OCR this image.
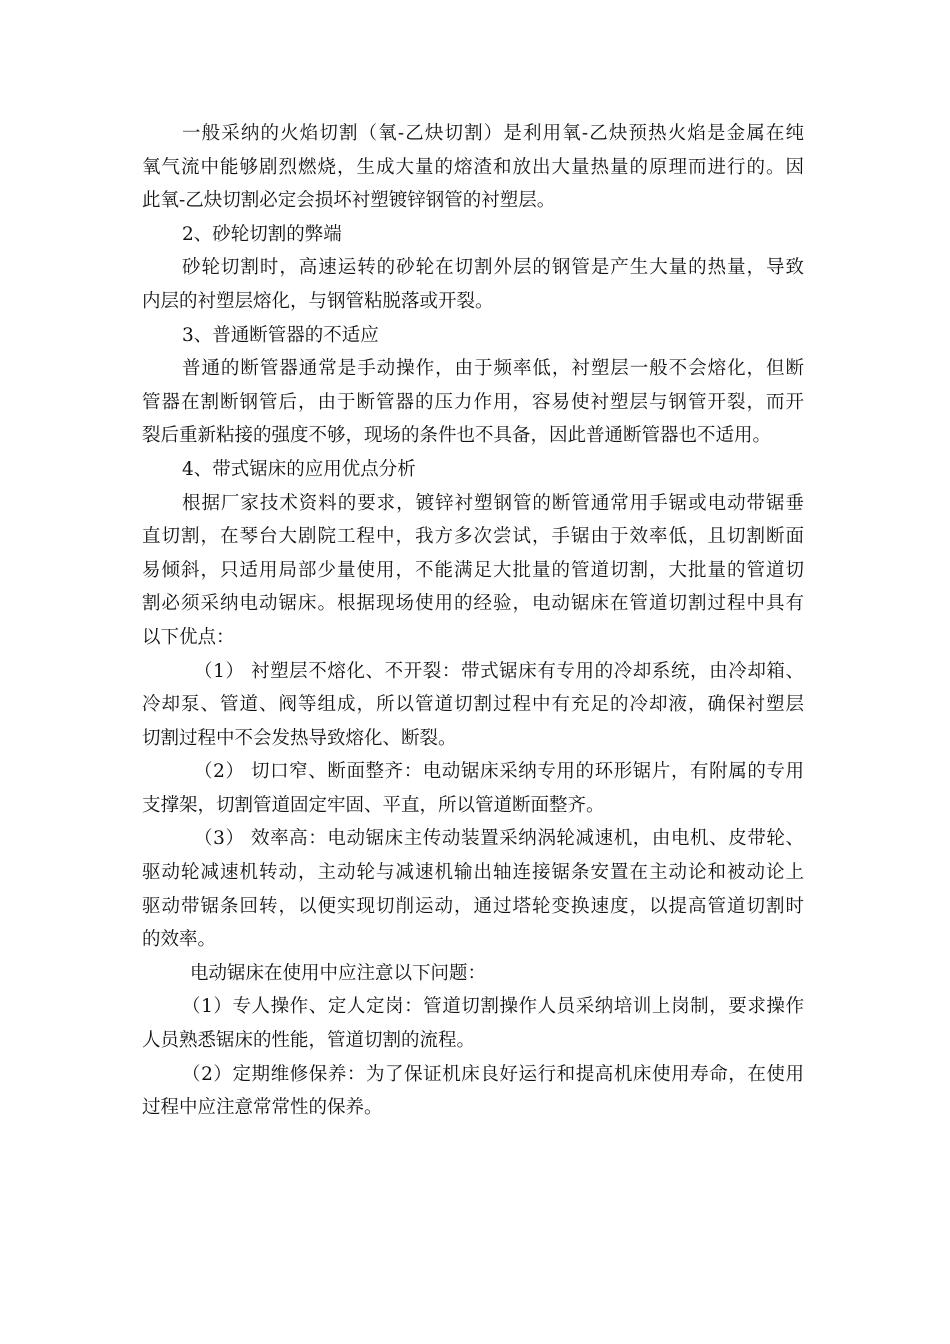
一般采纳的火焰切割（氧-乙炔切割）是利用氧-乙炔预热火焰是金属在纯
氧气流中能够剧烈燃烧，生成大量的熔渣和放出大量热量的原理而进行的。因
此氧-乙炔切割必定会损坏衬塑镀锌钢管的衬塑层。
2、砂轮切割的弊端
砂轮切割时，高速运转的砂轮在切割外层的钢管是产生大量的热量，导致
内层的衬塑层熔化，与钢管粘脱落或开裂。
3、普通断管器的不适应
普通的断管器通常是手动操作，由于频率低，衬塑层一般不会熔化，但断
管器在割断钢管后，由于断管器的压力作用，容易使衬塑层与钢管开裂，而开
裂后重新粘接的强度不够，现场的条件也不具备，因此普通断管器也不适用。
4、带式锯床的应用优点分析
根据厂家技术资料的要求，镀锌衬塑钢管的断管通常用手锯或电动带锯垂
直切割，在琴台大剧院工程中，我方多次尝试，手锯由于效率低，且切割断面
易倾斜，只适用局部少量使用，不能满足大批量的管道切割，大批量的管道切
割必须采纳电动锯床。根据现场使用的经验，电动锯床在管道切割过程中具有
以下优点：
（1） 衬塑层不熔化、不开裂：带式锯床有专用的冷却系统，由冷却箱、
冷却泵、管道、阀等组成，所以管道切割过程中有充足的冷却液，确保衬塑层
切割过程中不会发热导致熔化、断裂。
（2） 切口窄、断面整齐：电动锯床采纳专用的环形锯片，有附属的专用
支撑架，切割管道固定牢固、平直，所以管道断面整齐。
（3） 效率高：电动锯床主传动装置采纳涡轮减速机，由电机、皮带轮、
驱动轮减速机转动，主动轮与减速机输出轴连接锯条安置在主动论和被动论上
驱动带锯条回转，以便实现切削运动，通过塔轮变换速度，以提高管道切割时
的效率。
电动锯床在使用中应注意以下问题：
（1）专人操作、定人定岗：管道切割操作人员采纳培训上岗制，要求操作
人员熟悉锯床的性能，管道切割的流程。
（2）定期维修保养：为了保证机床良好运行和提高机床使用寿命，在使用
过程中应注意常常性的保养。
